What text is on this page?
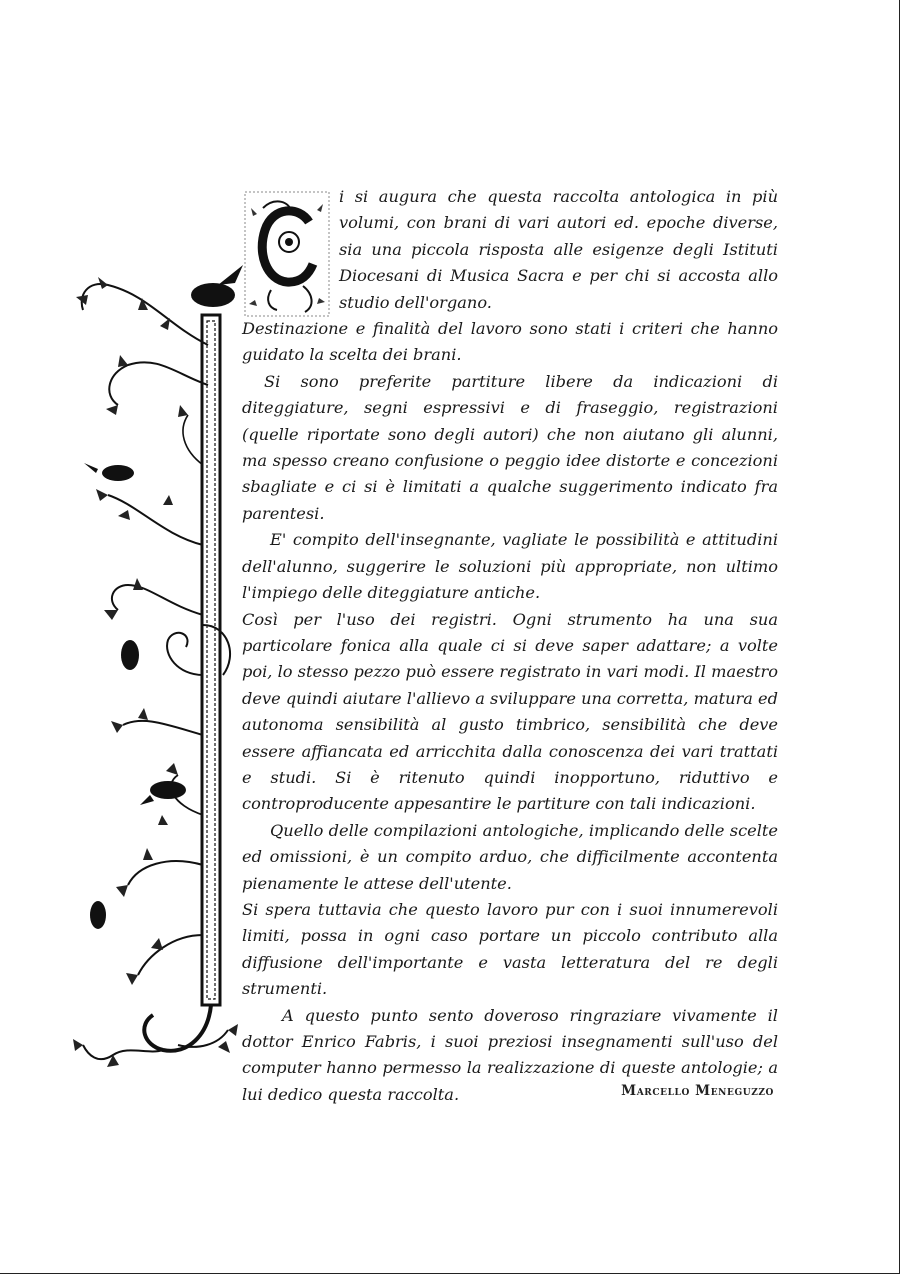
i si augura che questa raccolta antologica in più volumi, con brani di vari autori ed. epoche diverse, sia una piccola risposta alle esigenze degli Istituti Diocesani di Musica Sacra e per chi si accosta allo studio dell'organo.

Destinazione e finalità del lavoro sono stati i criteri che hanno guidato la scelta dei brani.

Si sono preferite partiture libere da indicazioni di diteggiature, segni espressivi e di fraseggio, registrazioni (quelle riportate sono degli autori) che non aiutano gli alunni, ma spesso creano confusione o peggio idee distorte e concezioni sbagliate e ci si è limitati a qualche suggerimento indicato fra parentesi.

E' compito dell'insegnante, vagliate le possibilità e attitudini dell'alunno, suggerire le soluzioni più appropriate, non ultimo l'impiego delle diteggiature antiche.

Così per l'uso dei registri. Ogni strumento ha una sua particolare fonica alla quale ci si deve saper adattare; a volte poi, lo stesso pezzo può essere registrato in vari modi. Il maestro deve quindi aiutare l'allievo a sviluppare una corretta, matura ed autonoma sensibilità al gusto timbrico, sensibilità che deve essere affiancata ed arricchita dalla conoscenza dei vari trattati e studi. Si è ritenuto quindi inopportuno, riduttivo e controproducente appesantire le partiture con tali indicazioni.

Quello delle compilazioni antologiche, implicando delle scelte ed omissioni, è un compito arduo, che difficilmente accontenta pienamente le attese dell'utente.

Si spera tuttavia che questo lavoro pur con i suoi innumerevoli limiti, possa in ogni caso portare un piccolo contributo alla diffusione dell'importante e vasta letteratura del re degli strumenti.

A questo punto sento doveroso ringraziare vivamente il dottor Enrico Fabris, i suoi preziosi insegnamenti sull'uso del computer hanno permesso la realizzazione di queste antologie; a lui dedico questa raccolta.	Marcello Meneguzzo
